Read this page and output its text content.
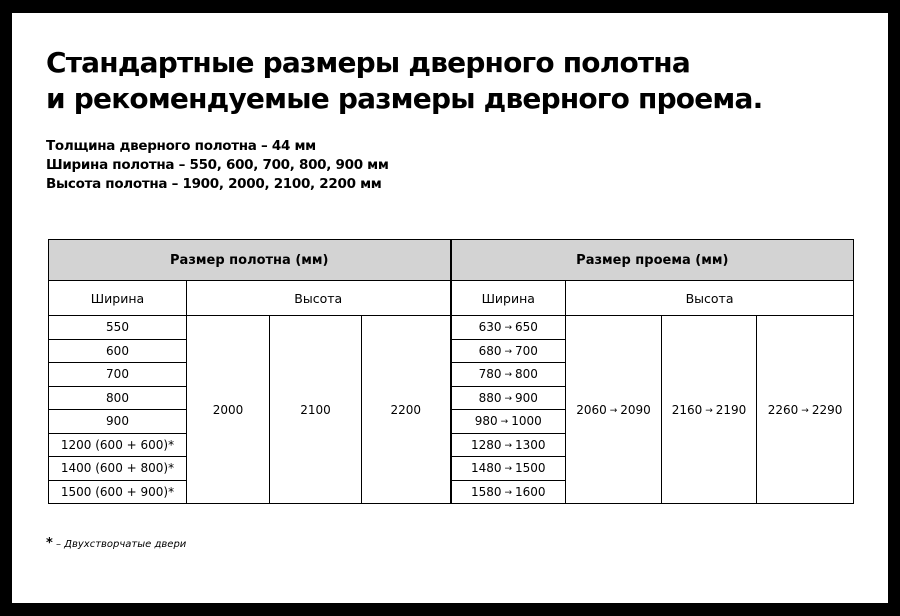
Стандартные размеры дверного полотна
и рекомендуемые размеры дверного проема.
Толщина дверного полотна – 44 мм
Ширина полотна – 550, 600, 700, 800, 900 мм
Высота полотна – 1900, 2000, 2100, 2200 мм
Размер полотна (мм)				Размер проема (мм)			
Ширина	Высота			Ширина	Высота		
550	2000	2100	2200	630 → 650	2060 → 2090	2160 → 2190	2260 → 2290
600				680 → 700			
700				780 → 800			
800				880 → 900			
900				980 → 1000			
1200 (600 + 600)*				1280 → 1300			
1400 (600 + 800)*				1480 → 1500			
1500 (600 + 900)*				1580 → 1600			
* – Двухстворчатые двери
